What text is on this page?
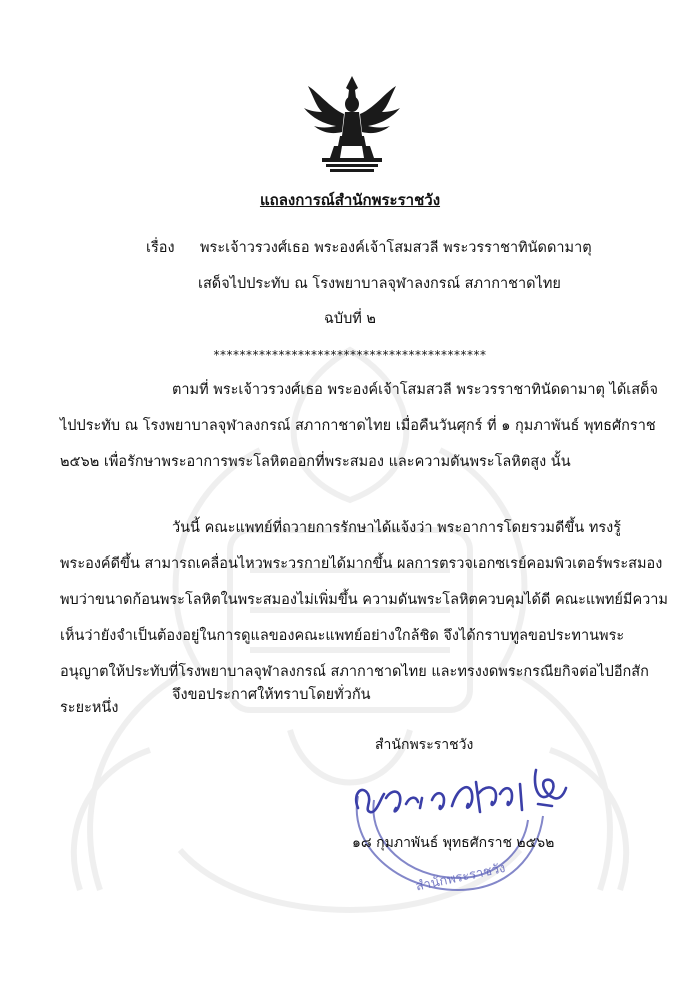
แถลงการณ์สำนักพระราชวัง
เรื่อง พระเจ้าวรวงศ์เธอ พระองค์เจ้าโสมสวลี พระวรราชาทินัดดามาตุ
เสด็จไปประทับ ณ โรงพยาบาลจุฬาลงกรณ์ สภากาชาดไทย
ฉบับที่ ๒
******************************************
ตามที่ พระเจ้าวรวงศ์เธอ พระองค์เจ้าโสมสวลี พระวรราชาทินัดดามาตุ ได้เสด็จไปประทับ ณ โรงพยาบาลจุฬาลงกรณ์ สภากาชาดไทย เมื่อคืนวันศุกร์ ที่ ๑ กุมภาพันธ์ พุทธศักราช ๒๕๖๒ เพื่อรักษาพระอาการพระโลหิตออกที่พระสมอง และความดันพระโลหิตสูง นั้น
วันนี้ คณะแพทย์ที่ถวายการรักษาได้แจ้งว่า พระอาการโดยรวมดีขึ้น ทรงรู้พระองค์ดีขึ้น สามารถเคลื่อนไหวพระวรกายได้มากขึ้น ผลการตรวจเอกซเรย์คอมพิวเตอร์พระสมองพบว่าขนาดก้อนพระโลหิตในพระสมองไม่เพิ่มขึ้น ความดันพระโลหิตควบคุมได้ดี คณะแพทย์มีความเห็นว่ายังจำเป็นต้องอยู่ในการดูแลของคณะแพทย์อย่างใกล้ชิด จึงได้กราบทูลขอประทานพระอนุญาตให้ประทับที่โรงพยาบาลจุฬาลงกรณ์ สภากาชาดไทย และทรงงดพระกรณียกิจต่อไปอีกสักระยะหนึ่ง
จึงขอประกาศให้ทราบโดยทั่วกัน
สำนักพระราชวัง
สำนักพระราชวัง
๑๘ กุมภาพันธ์ พุทธศักราช ๒๕๖๒
